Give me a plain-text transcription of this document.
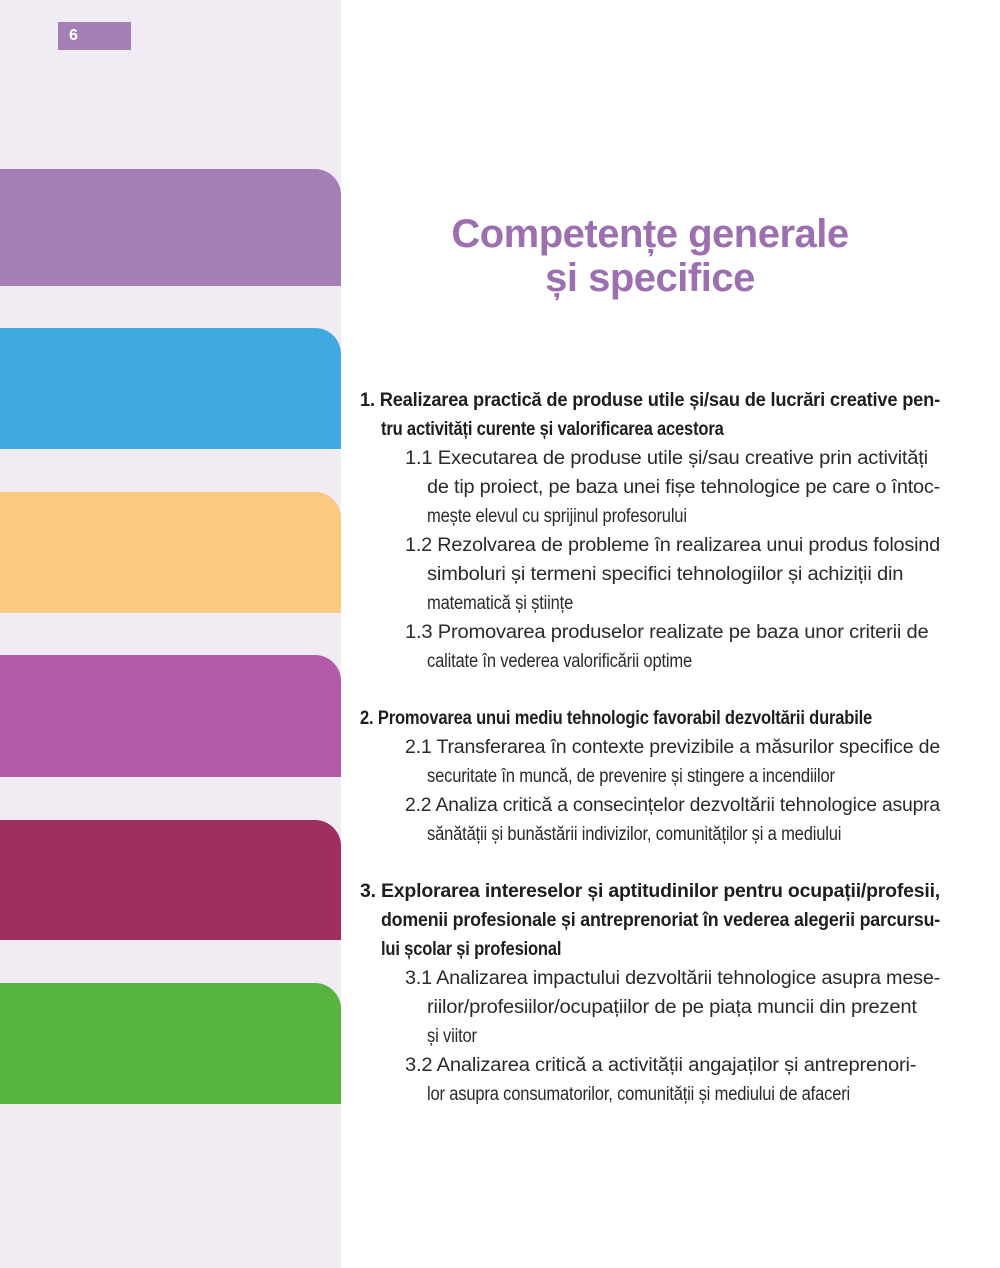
6
Competențe generale
și specifice
1. Realizarea practică de produse utile și/sau de lucrări creative pen-
tru activități curente și valorificarea acestora
1.1 Executarea de produse utile și/sau creative prin activități
de tip proiect, pe baza unei fișe tehnologice pe care o întoc-
mește elevul cu sprijinul profesorului
1.2 Rezolvarea de probleme în realizarea unui produs folosind
simboluri și termeni specifici tehnologiilor și achiziții din
matematică și științe
1.3 Promovarea produselor realizate pe baza unor criterii de
calitate în vederea valorificării optime
2. Promovarea unui mediu tehnologic favorabil dezvoltării durabile
2.1 Transferarea în contexte previzibile a măsurilor specifice de
securitate în muncă, de prevenire și stingere a incendiilor
2.2 Analiza critică a consecințelor dezvoltării tehnologice asupra
sănătății și bunăstării indivizilor, comunităților și a mediului
3. Explorarea intereselor și aptitudinilor pentru ocupații/profesii,
domenii profesionale și antreprenoriat în vederea alegerii parcursu-
lui școlar și profesional
3.1 Analizarea impactului dezvoltării tehnologice asupra mese-
riilor/profesiilor/ocupațiilor de pe piața muncii din prezent
și viitor
3.2 Analizarea critică a activității angajaților și antreprenori-
lor asupra consumatorilor, comunității și mediului de afaceri
